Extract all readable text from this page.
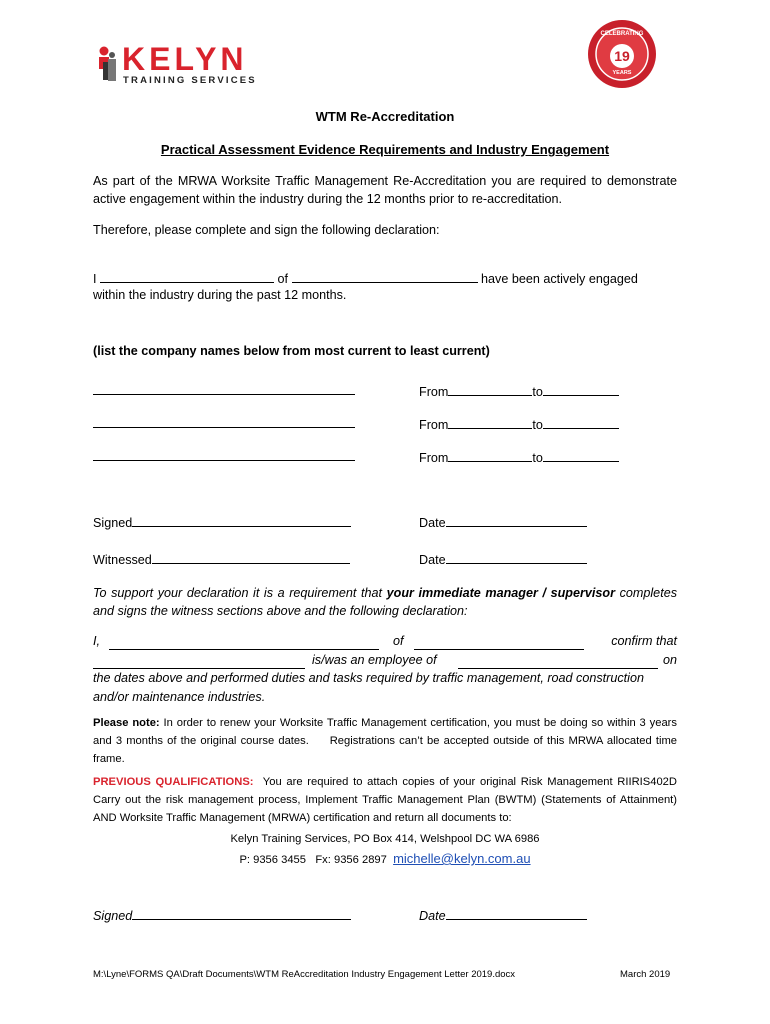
KELYN
TRAINING SERVICES
CELEBRATING
19
YEARS
WTM Re-Accreditation
Practical Assessment Evidence Requirements and Industry Engagement
As part of the MRWA Worksite Traffic Management Re-Accreditation you are required to demonstrate active engagement within the industry during the 12 months prior to re-accreditation.
Therefore, please complete and sign the following declaration:
I	of	have been actively engaged
within the industry during the past 12 months.
(list the company names below from most current to least current)
From	to
From	to
From	to
Signed	Date
Witnessed	Date
To support your declaration it is a requirement that your immediate manager / supervisor completes and signs the witness sections above and the following declaration:
I,	of	confirm that
is/was an employee of	on
the dates above and performed duties and tasks required by traffic management, road construction
and/or maintenance industries.
Please note: In order to renew your Worksite Traffic Management certification, you must be doing so within 3 years and 3 months of the original course dates. Registrations can’t be accepted outside of this MRWA allocated time frame.
PREVIOUS QUALIFICATIONS: You are required to attach copies of your original Risk Management RIIRIS402D Carry out the risk management process, Implement Traffic Management Plan (BWTM) (Statements of Attainment) AND Worksite Traffic Management (MRWA) certification and return all documents to:
Kelyn Training Services, PO Box 414, Welshpool DC WA 6986
P: 9356 3455 Fx: 9356 2897 michelle@kelyn.com.au
Signed	Date
M:\Lyne\FORMS QA\Draft Documents\WTM ReAccreditation Industry Engagement Letter 2019.docx	March 2019
